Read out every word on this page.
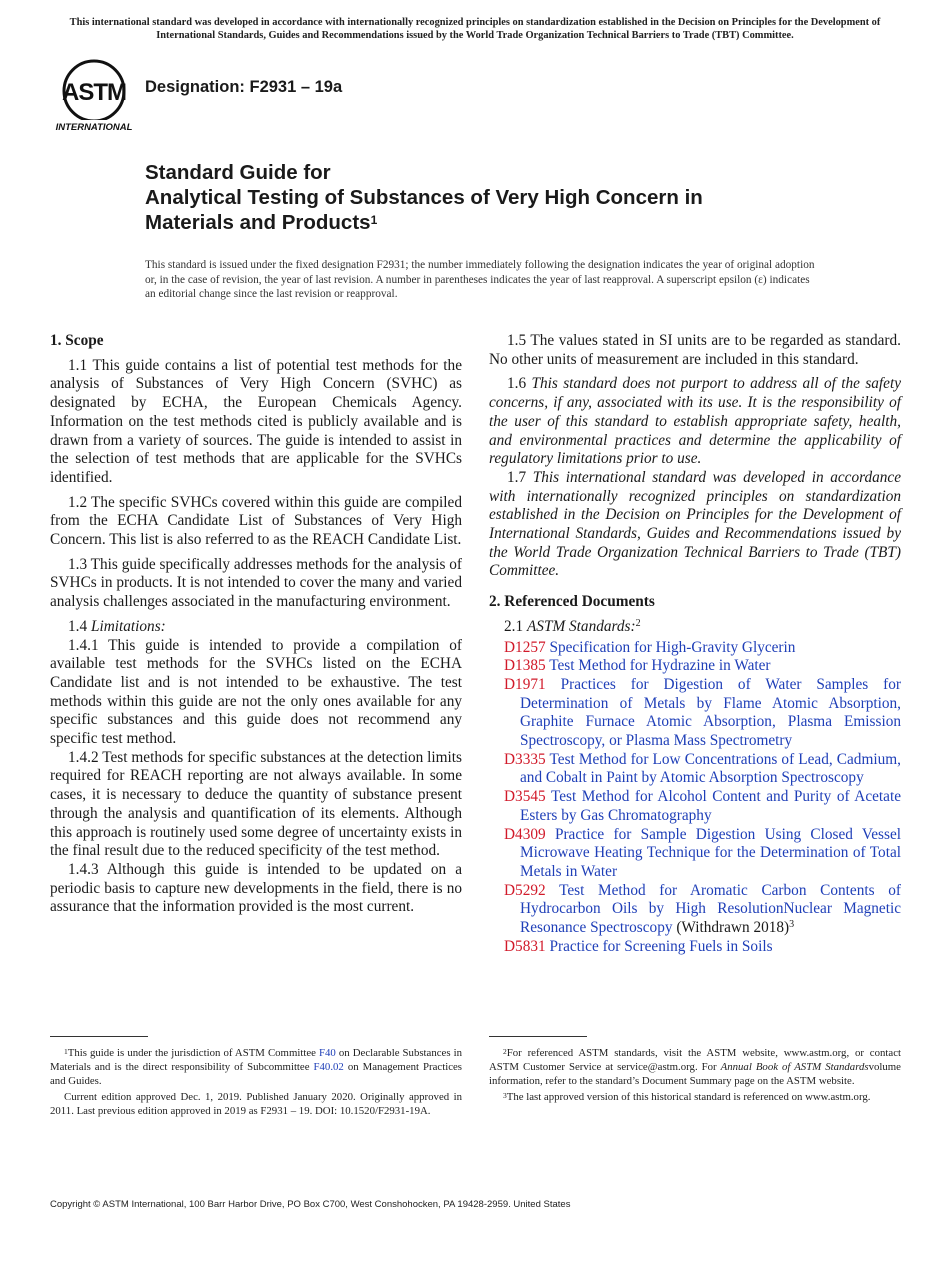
This international standard was developed in accordance with internationally recognized principles on standardization established in the Decision on Principles for the Development of International Standards, Guides and Recommendations issued by the World Trade Organization Technical Barriers to Trade (TBT) Committee.
ASTM
INTERNATIONAL
Designation: F2931 – 19a
Standard Guide for
Analytical Testing of Substances of Very High Concern in
Materials and Products$^1$
This standard is issued under the fixed designation F2931; the number immediately following the designation indicates the year of original adoption or, in the case of revision, the year of last revision. A number in parentheses indicates the year of last reapproval. A superscript epsilon (ε) indicates an editorial change since the last revision or reapproval.
1. Scope

1.1 This guide contains a list of potential test methods for the analysis of Substances of Very High Concern (SVHC) as designated by ECHA, the European Chemicals Agency. Information on the test methods cited is publicly available and is drawn from a variety of sources. The guide is intended to assist in the selection of test methods that are applicable for the SVHCs identified.

1.2 The specific SVHCs covered within this guide are compiled from the ECHA Candidate List of Substances of Very High Concern. This list is also referred to as the REACH Candidate List.

1.3 This guide specifically addresses methods for the analysis of SVHCs in products. It is not intended to cover the many and varied analysis challenges associated in the manufacturing environment.

1.4 Limitations:

1.4.1 This guide is intended to provide a compilation of available test methods for the SVHCs listed on the ECHA Candidate list and is not intended to be exhaustive. The test methods within this guide are not the only ones available for any specific substances and this guide does not recommend any specific test method.

1.4.2 Test methods for specific substances at the detection limits required for REACH reporting are not always available. In some cases, it is necessary to deduce the quantity of substance present through the analysis and quantification of its elements. Although this approach is routinely used some degree of uncertainty exists in the final result due to the reduced specificity of the test method.

1.4.3 Although this guide is intended to be updated on a periodic basis to capture new developments in the field, there is no assurance that the information provided is the most current.

1.5 The values stated in SI units are to be regarded as standard. No other units of measurement are included in this standard.

1.6 This standard does not purport to address all of the safety concerns, if any, associated with its use. It is the responsibility of the user of this standard to establish appropriate safety, health, and environmental practices and determine the applicability of regulatory limitations prior to use.

1.7 This international standard was developed in accordance with internationally recognized principles on standardization established in the Decision on Principles for the Development of International Standards, Guides and Recommendations issued by the World Trade Organization Technical Barriers to Trade (TBT) Committee.

2. Referenced Documents
2.1 ASTM Standards:$^2$
D1257 Specification for High-Gravity Glycerin
D1385 Test Method for Hydrazine in Water
D1971 Practices for Digestion of Water Samples for Determination of Metals by Flame Atomic Absorption, Graphite Furnace Atomic Absorption, Plasma Emission Spectroscopy, or Plasma Mass Spectrometry
D3335 Test Method for Low Concentrations of Lead, Cadmium, and Cobalt in Paint by Atomic Absorption Spectroscopy
D3545 Test Method for Alcohol Content and Purity of Acetate Esters by Gas Chromatography
D4309 Practice for Sample Digestion Using Closed Vessel Microwave Heating Technique for the Determination of Total Metals in Water
D5292 Test Method for Aromatic Carbon Contents of Hydrocarbon Oils by High ResolutionNuclear Magnetic Resonance Spectroscopy (Withdrawn 2018)$^3$
D5831 Practice for Screening Fuels in Soils

$^1$This guide is under the jurisdiction of ASTM Committee F40 on Declarable Substances in Materials and is the direct responsibility of Subcommittee F40.02 on Management Practices and Guides.

Current edition approved Dec. 1, 2019. Published January 2020. Originally approved in 2011. Last previous edition approved in 2019 as F2931 – 19. DOI: 10.1520/F2931-19A.

$^2$For referenced ASTM standards, visit the ASTM website, www.astm.org, or contact ASTM Customer Service at service@astm.org. For Annual Book of ASTM Standardsvolume information, refer to the standard’s Document Summary page on the ASTM website.

$^3$The last approved version of this historical standard is referenced on www.astm.org.

Copyright © ASTM International, 100 Barr Harbor Drive, PO Box C700, West Conshohocken, PA 19428-2959. United States
